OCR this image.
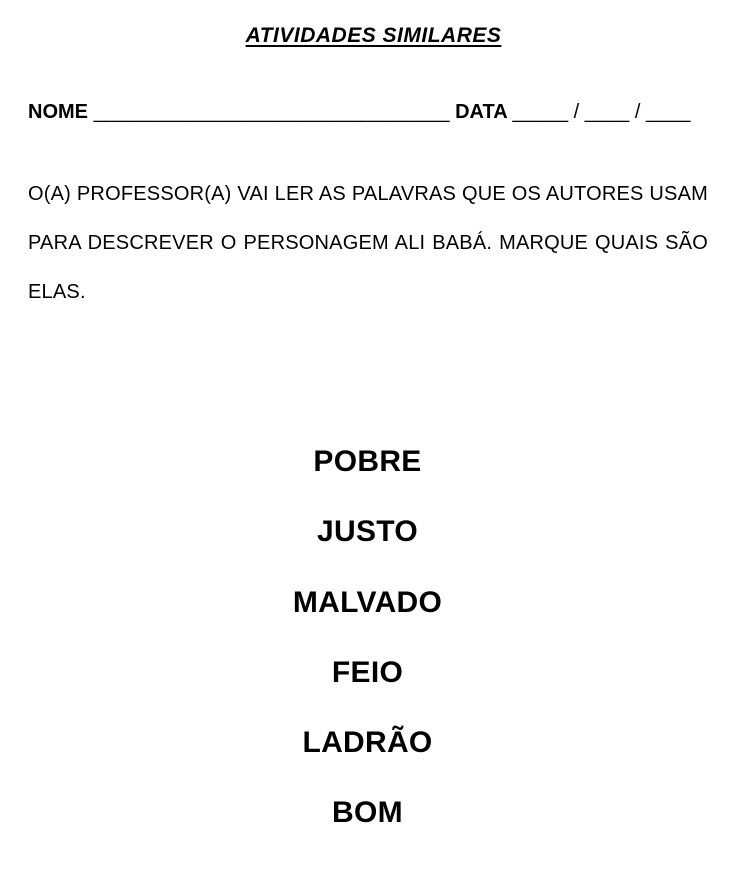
ATIVIDADES SIMILARES
NOME ________________________________ DATA _____ / ____ / ____
O(A) PROFESSOR(A) VAI LER AS PALAVRAS QUE OS AUTORES USAM PARA DESCREVER O PERSONAGEM ALI BABÁ. MARQUE QUAIS SÃO ELAS.
POBRE
JUSTO
MALVADO
FEIO
LADRÃO
BOM
